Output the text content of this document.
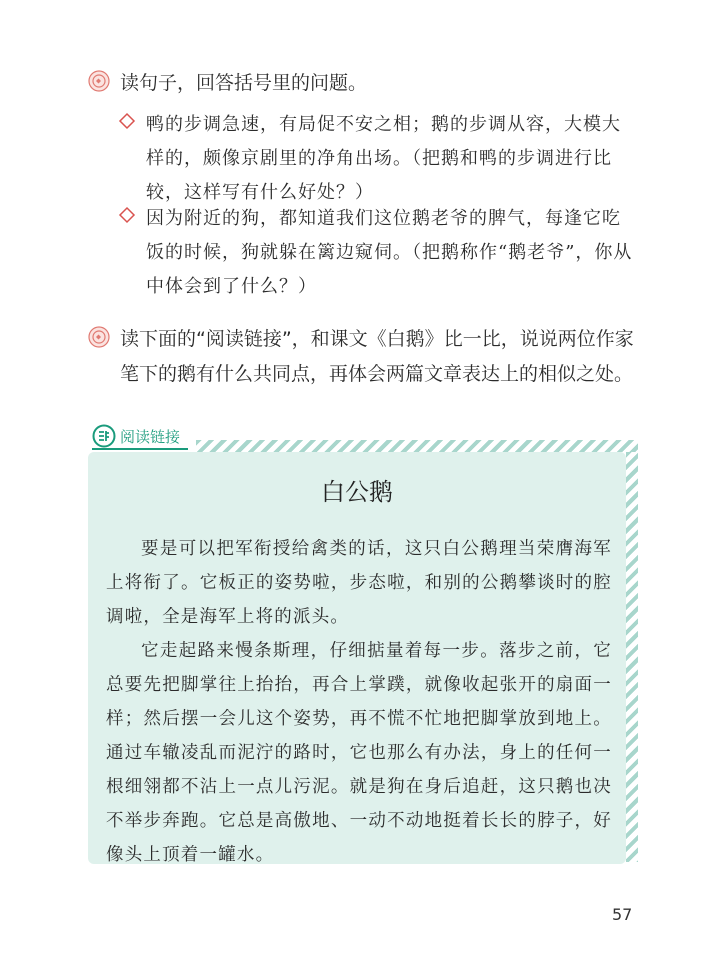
读句子，回答括号里的问题。
鸭的步调急速，有局促不安之相；鹅的步调从容，大模大样的，颇像京剧里的净角出场。（把鹅和鸭的步调进行比较，这样写有什么好处？）
因为附近的狗，都知道我们这位鹅老爷的脾气，每逢它吃饭的时候，狗就躲在篱边窥伺。（把鹅称作“鹅老爷”，你从中体会到了什么？）
读下面的“阅读链接”，和课文《白鹅》比一比，说说两位作家笔下的鹅有什么共同点，再体会两篇文章表达上的相似之处。
阅读链接
白公鹅

要是可以把军衔授给禽类的话，这只白公鹅理当荣膺海军上将衔了。它板正的姿势啦，步态啦，和别的公鹅攀谈时的腔调啦，全是海军上将的派头。

它走起路来慢条斯理，仔细掂量着每一步。落步之前，它总要先把脚掌往上抬抬，再合上掌蹼，就像收起张开的扇面一样；然后摆一会儿这个姿势，再不慌不忙地把脚掌放到地上。通过车辙凌乱而泥泞的路时，它也那么有办法，身上的任何一根细翎都不沾上一点儿污泥。就是狗在身后追赶，这只鹅也决不举步奔跑。它总是高傲地、一动不动地挺着长长的脖子，好像头上顶着一罐水。

57
